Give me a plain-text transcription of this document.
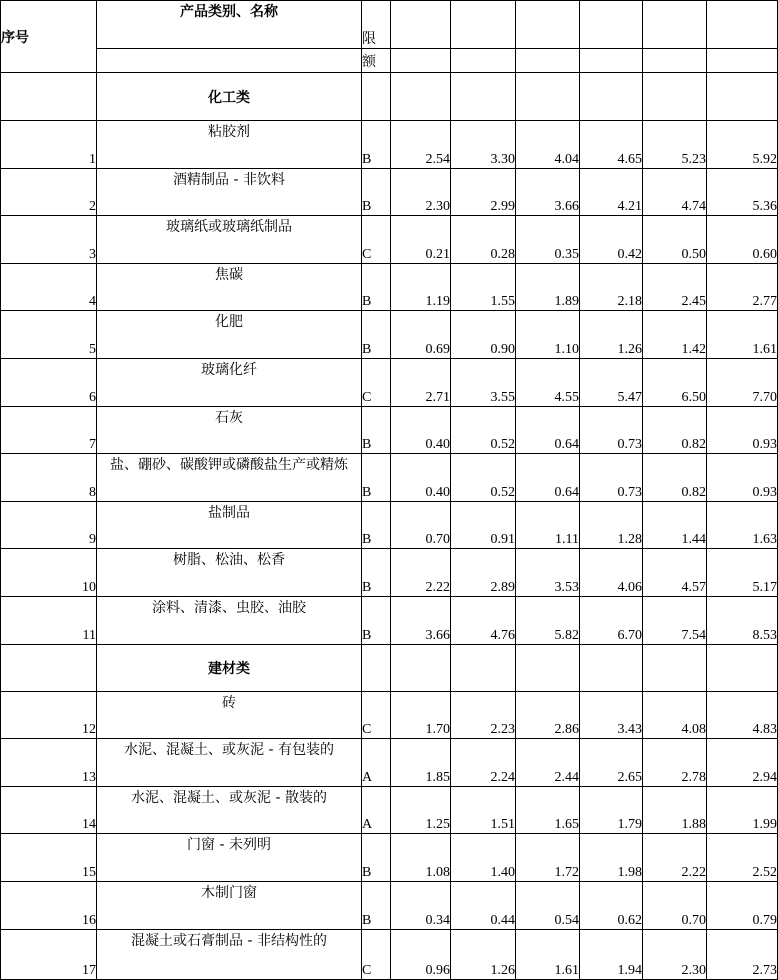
序号	产品类别、名称	限						
		额						
	化工类							
1	粘胶剂	B	2.54	3.30	4.04	4.65	5.23	5.92
2	酒精制品 - 非饮料	B	2.30	2.99	3.66	4.21	4.74	5.36
3	玻璃纸或玻璃纸制品	C	0.21	0.28	0.35	0.42	0.50	0.60
4	焦碳	B	1.19	1.55	1.89	2.18	2.45	2.77
5	化肥	B	0.69	0.90	1.10	1.26	1.42	1.61
6	玻璃化纤	C	2.71	3.55	4.55	5.47	6.50	7.70
7	石灰	B	0.40	0.52	0.64	0.73	0.82	0.93
8	盐、硼砂、碳酸钾或磷酸盐生产或精炼	B	0.40	0.52	0.64	0.73	0.82	0.93
9	盐制品	B	0.70	0.91	1.11	1.28	1.44	1.63
10	树脂、松油、松香	B	2.22	2.89	3.53	4.06	4.57	5.17
11	涂料、清漆、虫胶、油胶	B	3.66	4.76	5.82	6.70	7.54	8.53
	建材类							
12	砖	C	1.70	2.23	2.86	3.43	4.08	4.83
13	水泥、混凝土、或灰泥 - 有包装的	A	1.85	2.24	2.44	2.65	2.78	2.94
14	水泥、混凝土、或灰泥 - 散装的	A	1.25	1.51	1.65	1.79	1.88	1.99
15	门窗 - 未列明	B	1.08	1.40	1.72	1.98	2.22	2.52
16	木制门窗	B	0.34	0.44	0.54	0.62	0.70	0.79
17	混凝土或石膏制品 - 非结构性的	C	0.96	1.26	1.61	1.94	2.30	2.73
